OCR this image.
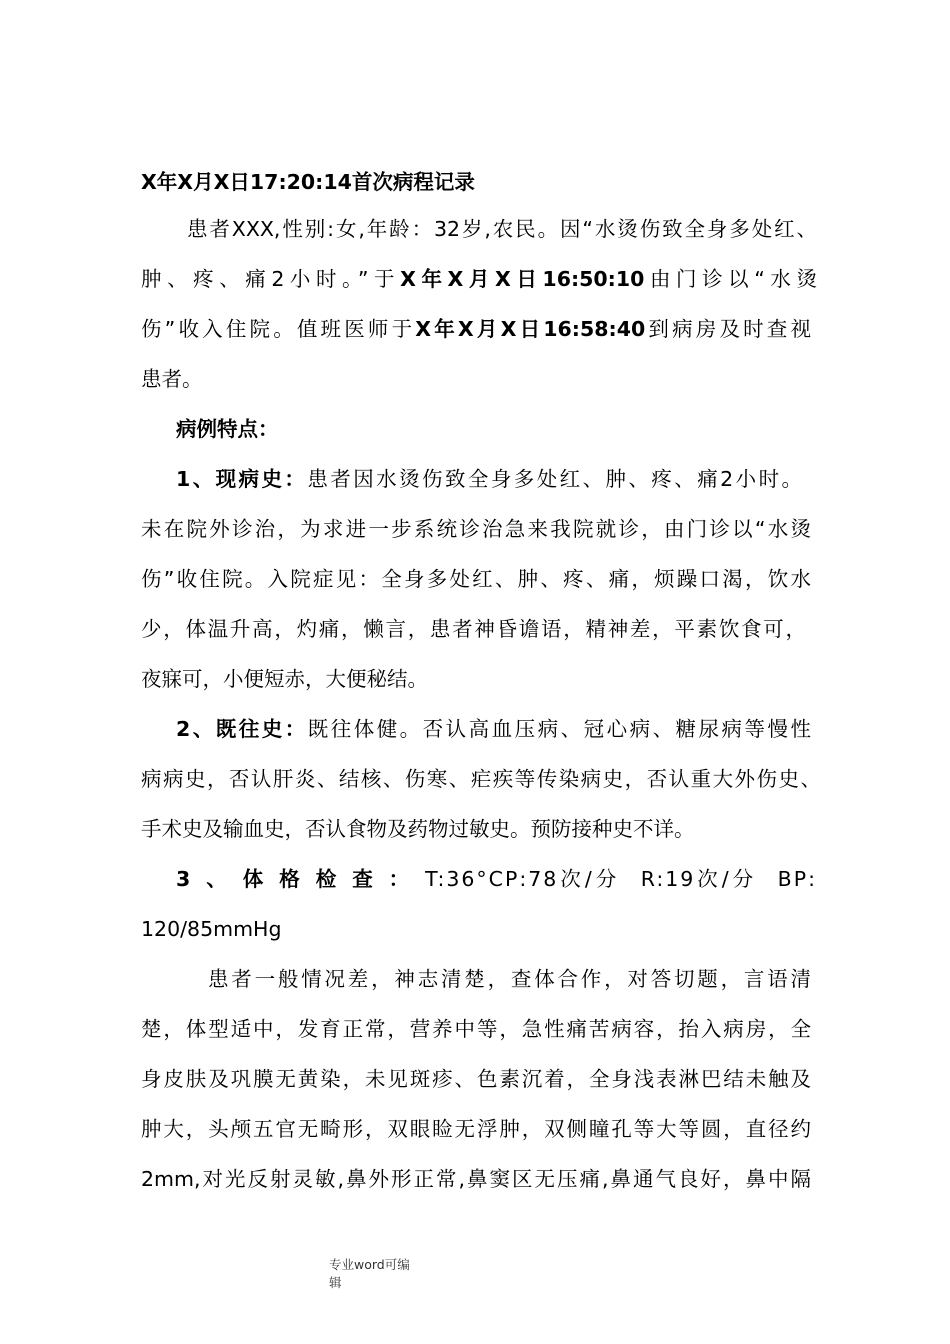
X年X月X日17:20:14首次病程记录
患者XXX,性别:女,年龄：32岁,农民。因“水烫伤致全身多处红、
肿、疼、痛2小时。”于X年X月X日16:50:10由门诊以“水烫
伤”收入住院。值班医师于X年X月X日16:58:40到病房及时查视
患者。
病例特点：
1、现病史：患者因水烫伤致全身多处红、肿、疼、痛2小时。
未在院外诊治，为求进一步系统诊治急来我院就诊，由门诊以“水烫
伤”收住院。入院症见：全身多处红、肿、疼、痛，烦躁口渴，饮水
少，体温升高，灼痛，懒言，患者神昏谵语，精神差，平素饮食可，
夜寐可，小便短赤，大便秘结。
2、既往史：既往体健。否认高血压病、冠心病、糖尿病等慢性
病病史，否认肝炎、结核、伤寒、疟疾等传染病史，否认重大外伤史、
手术史及输血史，否认食物及药物过敏史。预防接种史不详。
3、体格检查：T:36°CP:78次/分 R:19次/分 BP:
120/85mmHg
患者一般情况差，神志清楚，查体合作，对答切题，言语清
楚，体型适中，发育正常，营养中等，急性痛苦病容，抬入病房，全
身皮肤及巩膜无黄染，未见斑疹、色素沉着，全身浅表淋巴结未触及
肿大，头颅五官无畸形，双眼睑无浮肿，双侧瞳孔等大等圆，直径约
2mm,对光反射灵敏,鼻外形正常,鼻窦区无压痛,鼻通气良好，鼻中隔
专业word可编
辑
